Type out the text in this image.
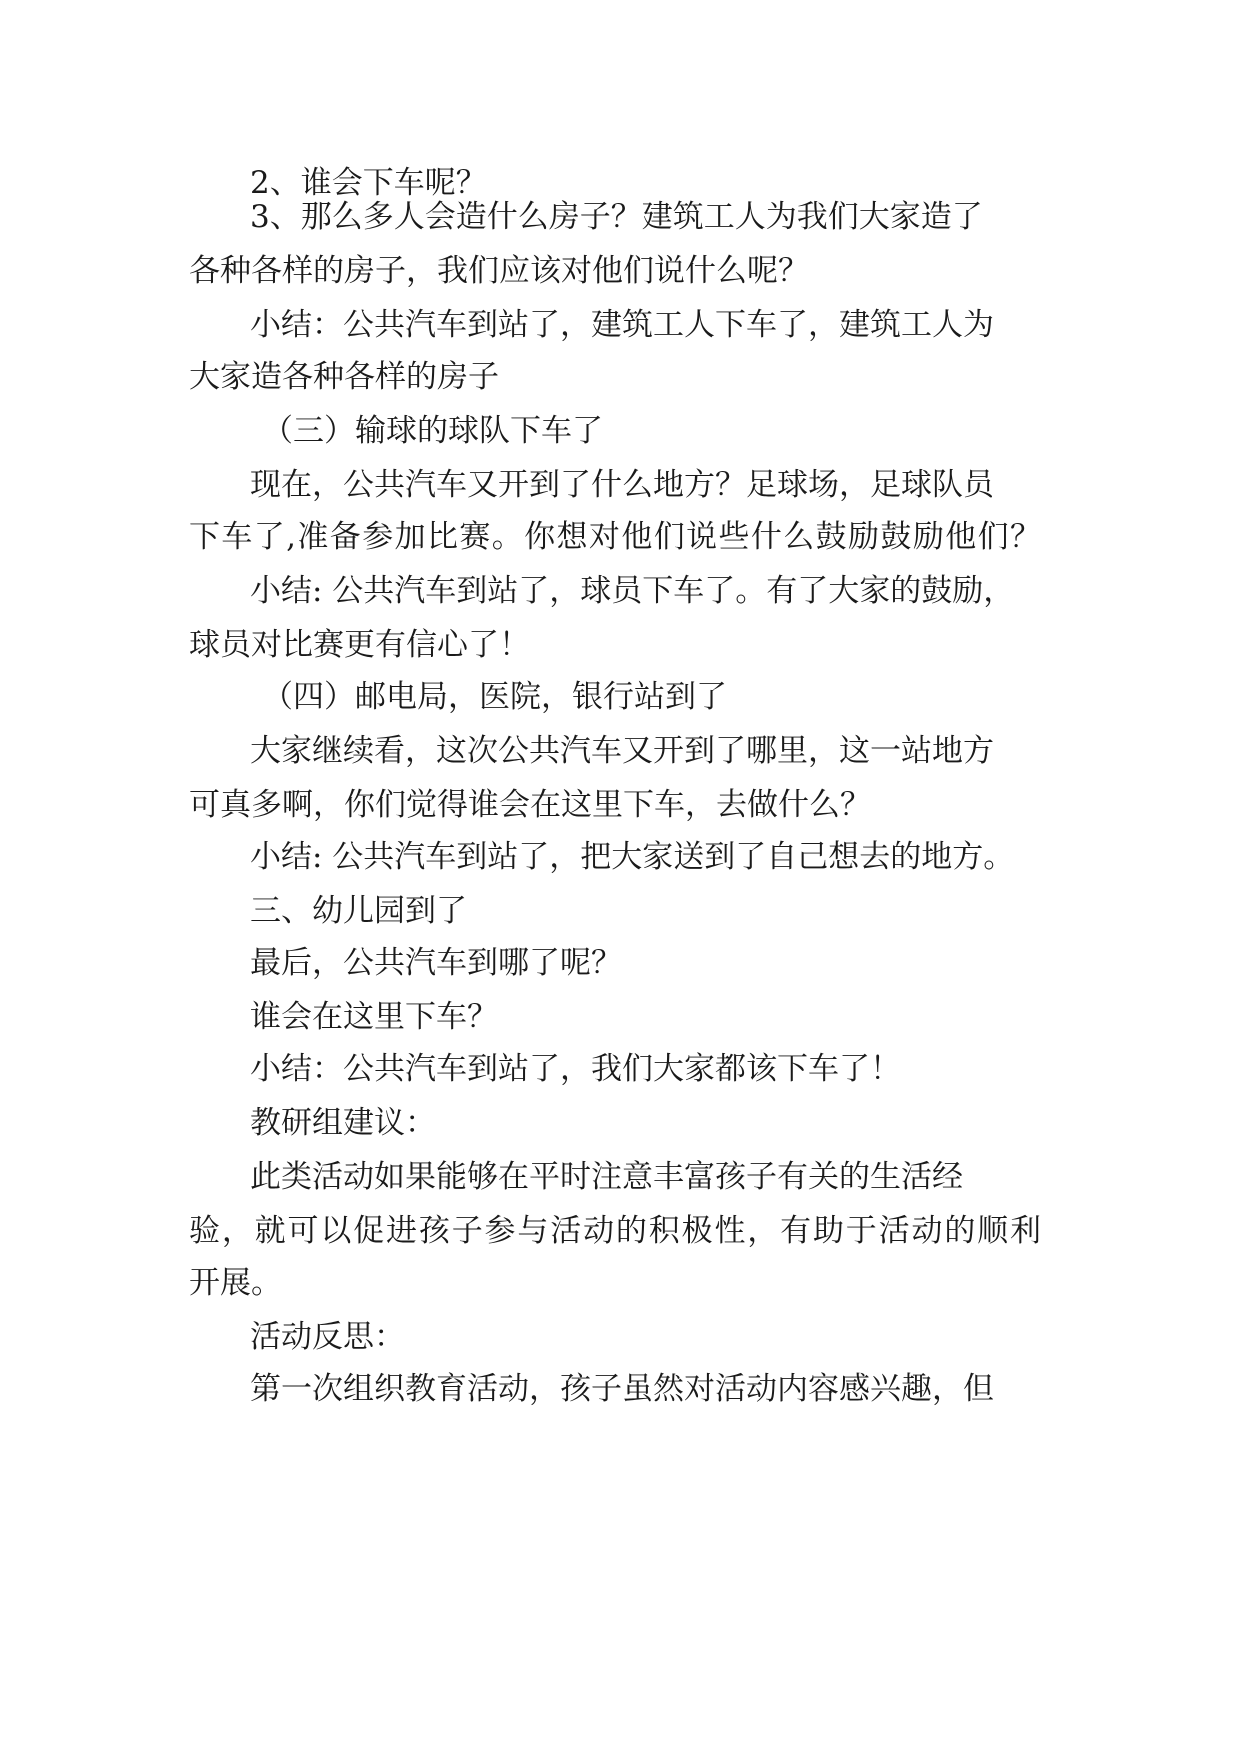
2、谁会下车呢？

3、那么多人会造什么房子？建筑工人为我们大家造了

各种各样的房子，我们应该对他们说什么呢？

小结：公共汽车到站了，建筑工人下车了，建筑工人为

大家造各种各样的房子

（三）输球的球队下车了

现在，公共汽车又开到了什么地方？足球场，足球队员

下车了,准备参加比赛。你想对他们说些什么鼓励鼓励他们？

小结: 公共汽车到站了，球员下车了。有了大家的鼓励，

球员对比赛更有信心了！

（四）邮电局，医院，银行站到了

大家继续看，这次公共汽车又开到了哪里，这一站地方

可真多啊，你们觉得谁会在这里下车，去做什么？

小结: 公共汽车到站了，把大家送到了自己想去的地方。

三、幼儿园到了

最后，公共汽车到哪了呢？

谁会在这里下车？

小结：公共汽车到站了，我们大家都该下车了！

教研组建议：

此类活动如果能够在平时注意丰富孩子有关的生活经

验，就可以促进孩子参与活动的积极性，有助于活动的顺利

开展。

活动反思：

第一次组织教育活动，孩子虽然对活动内容感兴趣，但
